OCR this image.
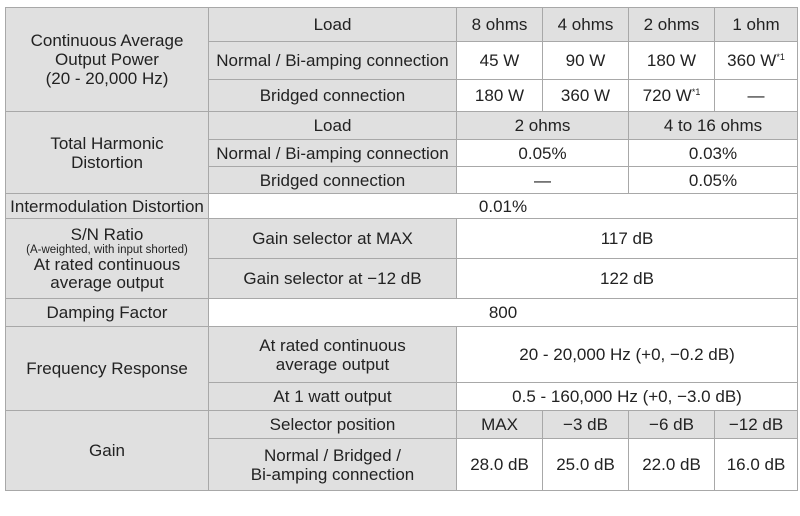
Continuous Average
Output Power
(20 - 20,000 Hz)	Load	8 ohms	4 ohms	2 ohms	1 ohm
	Normal / Bi-amping connection	45 W	90 W	180 W	360 $W^{*1}$
	Bridged connection	180 W	360 W	720 $W^{*1}$	—

Total Harmonic
Distortion	Load	2 ohms		4 to 16 ohms	
	Normal / Bi-amping connection	0.05%		0.03%	
	Bridged connection	—		0.05%	
Intermodulation Distortion	0.01%				

S/N Ratio
(A-weighted, with input shorted)
At rated continuous
average output	Gain selector at MAX	117 dB			
	Gain selector at −12 dB	122 dB			
Damping Factor	800				
Frequency Response	At rated continuous
average output	20 - 20,000 Hz (+0, −0.2 dB)			
	At 1 watt output	0.5 - 160,000 Hz (+0, −3.0 dB)			
Gain	Selector position	MAX	−3 dB	−6 dB	−12 dB

	Normal / Bridged /
Bi-amping connection	28.0 dB	25.0 dB	22.0 dB	16.0 dB
